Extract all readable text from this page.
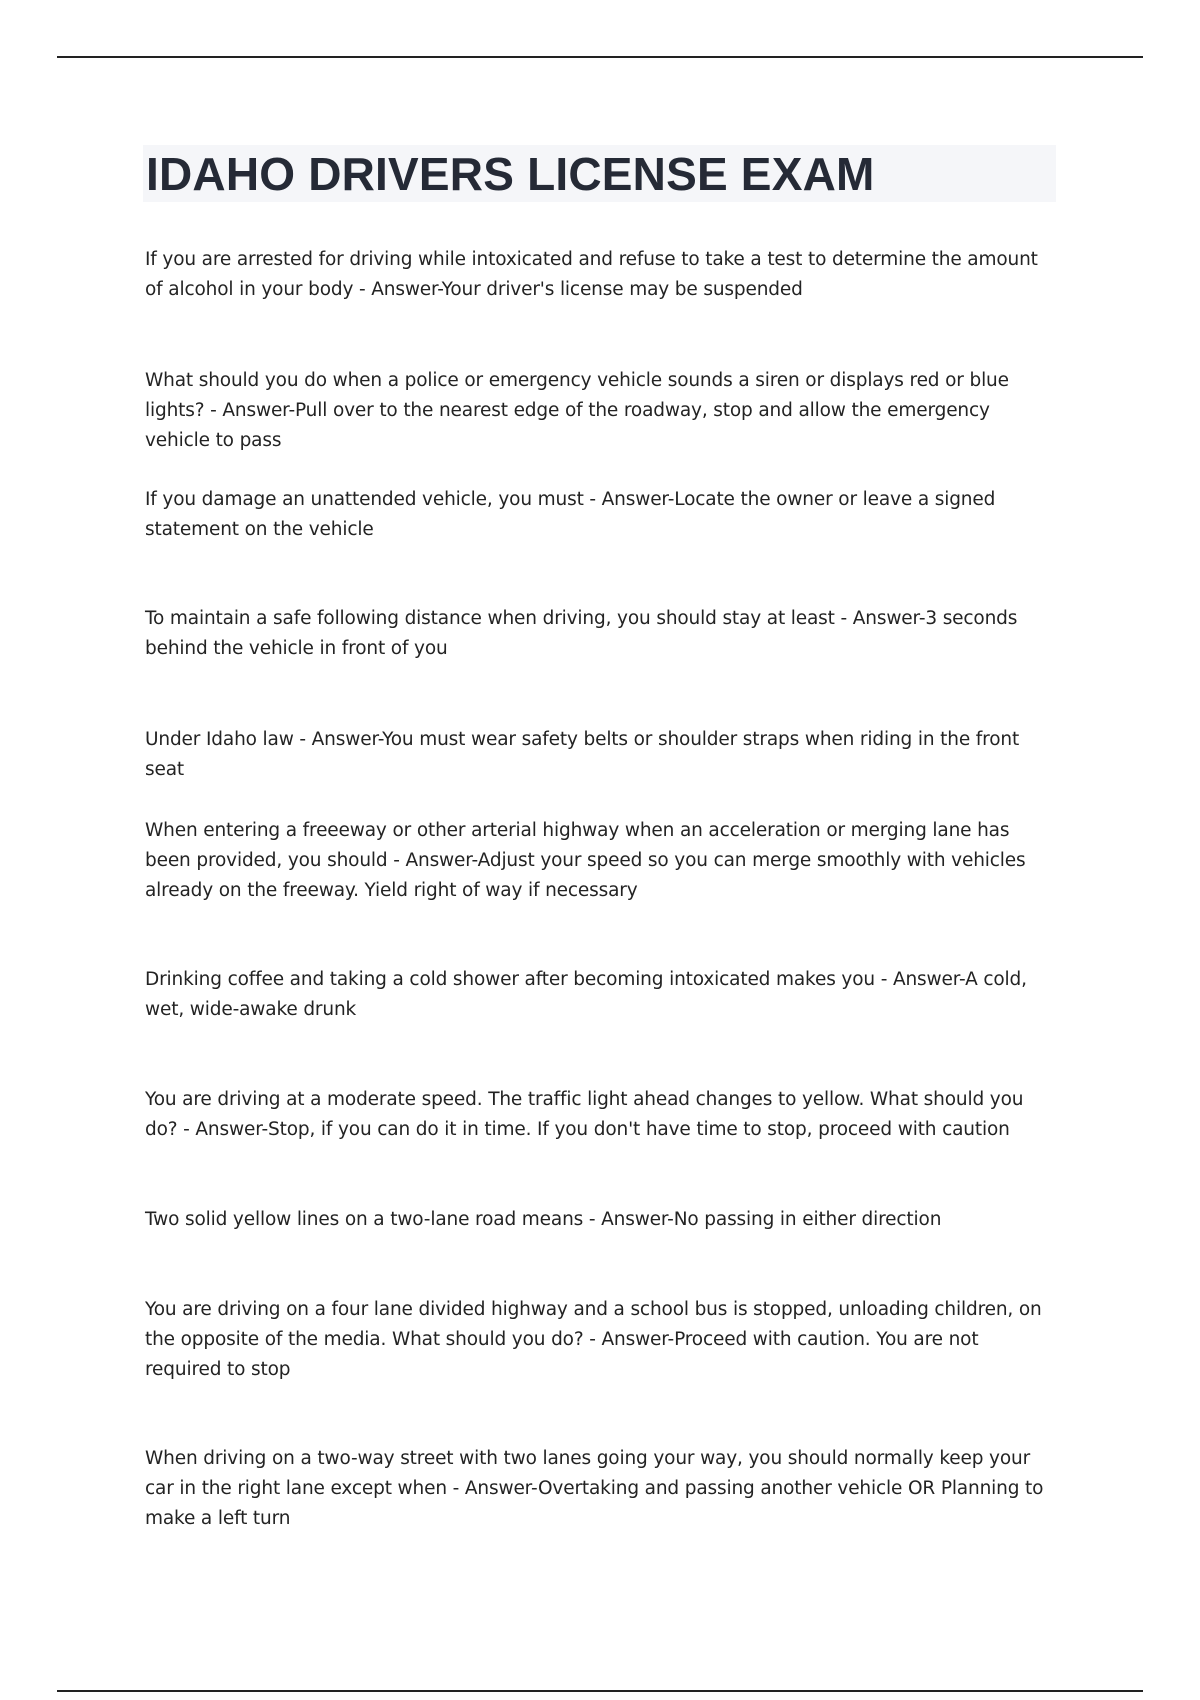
IDAHO DRIVERS LICENSE EXAM

If you are arrested for driving while intoxicated and refuse to take a test to determine the amount of alcohol in your body - Answer-Your driver's license may be suspended

What should you do when a police or emergency vehicle sounds a siren or displays red or blue lights? - Answer-Pull over to the nearest edge of the roadway, stop and allow the emergency vehicle to pass

If you damage an unattended vehicle, you must - Answer-Locate the owner or leave a signed statement on the vehicle

To maintain a safe following distance when driving, you should stay at least - Answer-3 seconds behind the vehicle in front of you

Under Idaho law - Answer-You must wear safety belts or shoulder straps when riding in the front seat

When entering a freeeway or other arterial highway when an acceleration or merging lane has been provided, you should - Answer-Adjust your speed so you can merge smoothly with vehicles already on the freeway. Yield right of way if necessary

Drinking coffee and taking a cold shower after becoming intoxicated makes you - Answer-A cold, wet, wide-awake drunk

You are driving at a moderate speed. The traffic light ahead changes to yellow. What should you do? - Answer-Stop, if you can do it in time. If you don't have time to stop, proceed with caution

Two solid yellow lines on a two-lane road means - Answer-No passing in either direction

You are driving on a four lane divided highway and a school bus is stopped, unloading children, on the opposite of the media. What should you do? - Answer-Proceed with caution. You are not required to stop

When driving on a two-way street with two lanes going your way, you should normally keep your car in the right lane except when - Answer-Overtaking and passing another vehicle OR Planning to make a left turn
